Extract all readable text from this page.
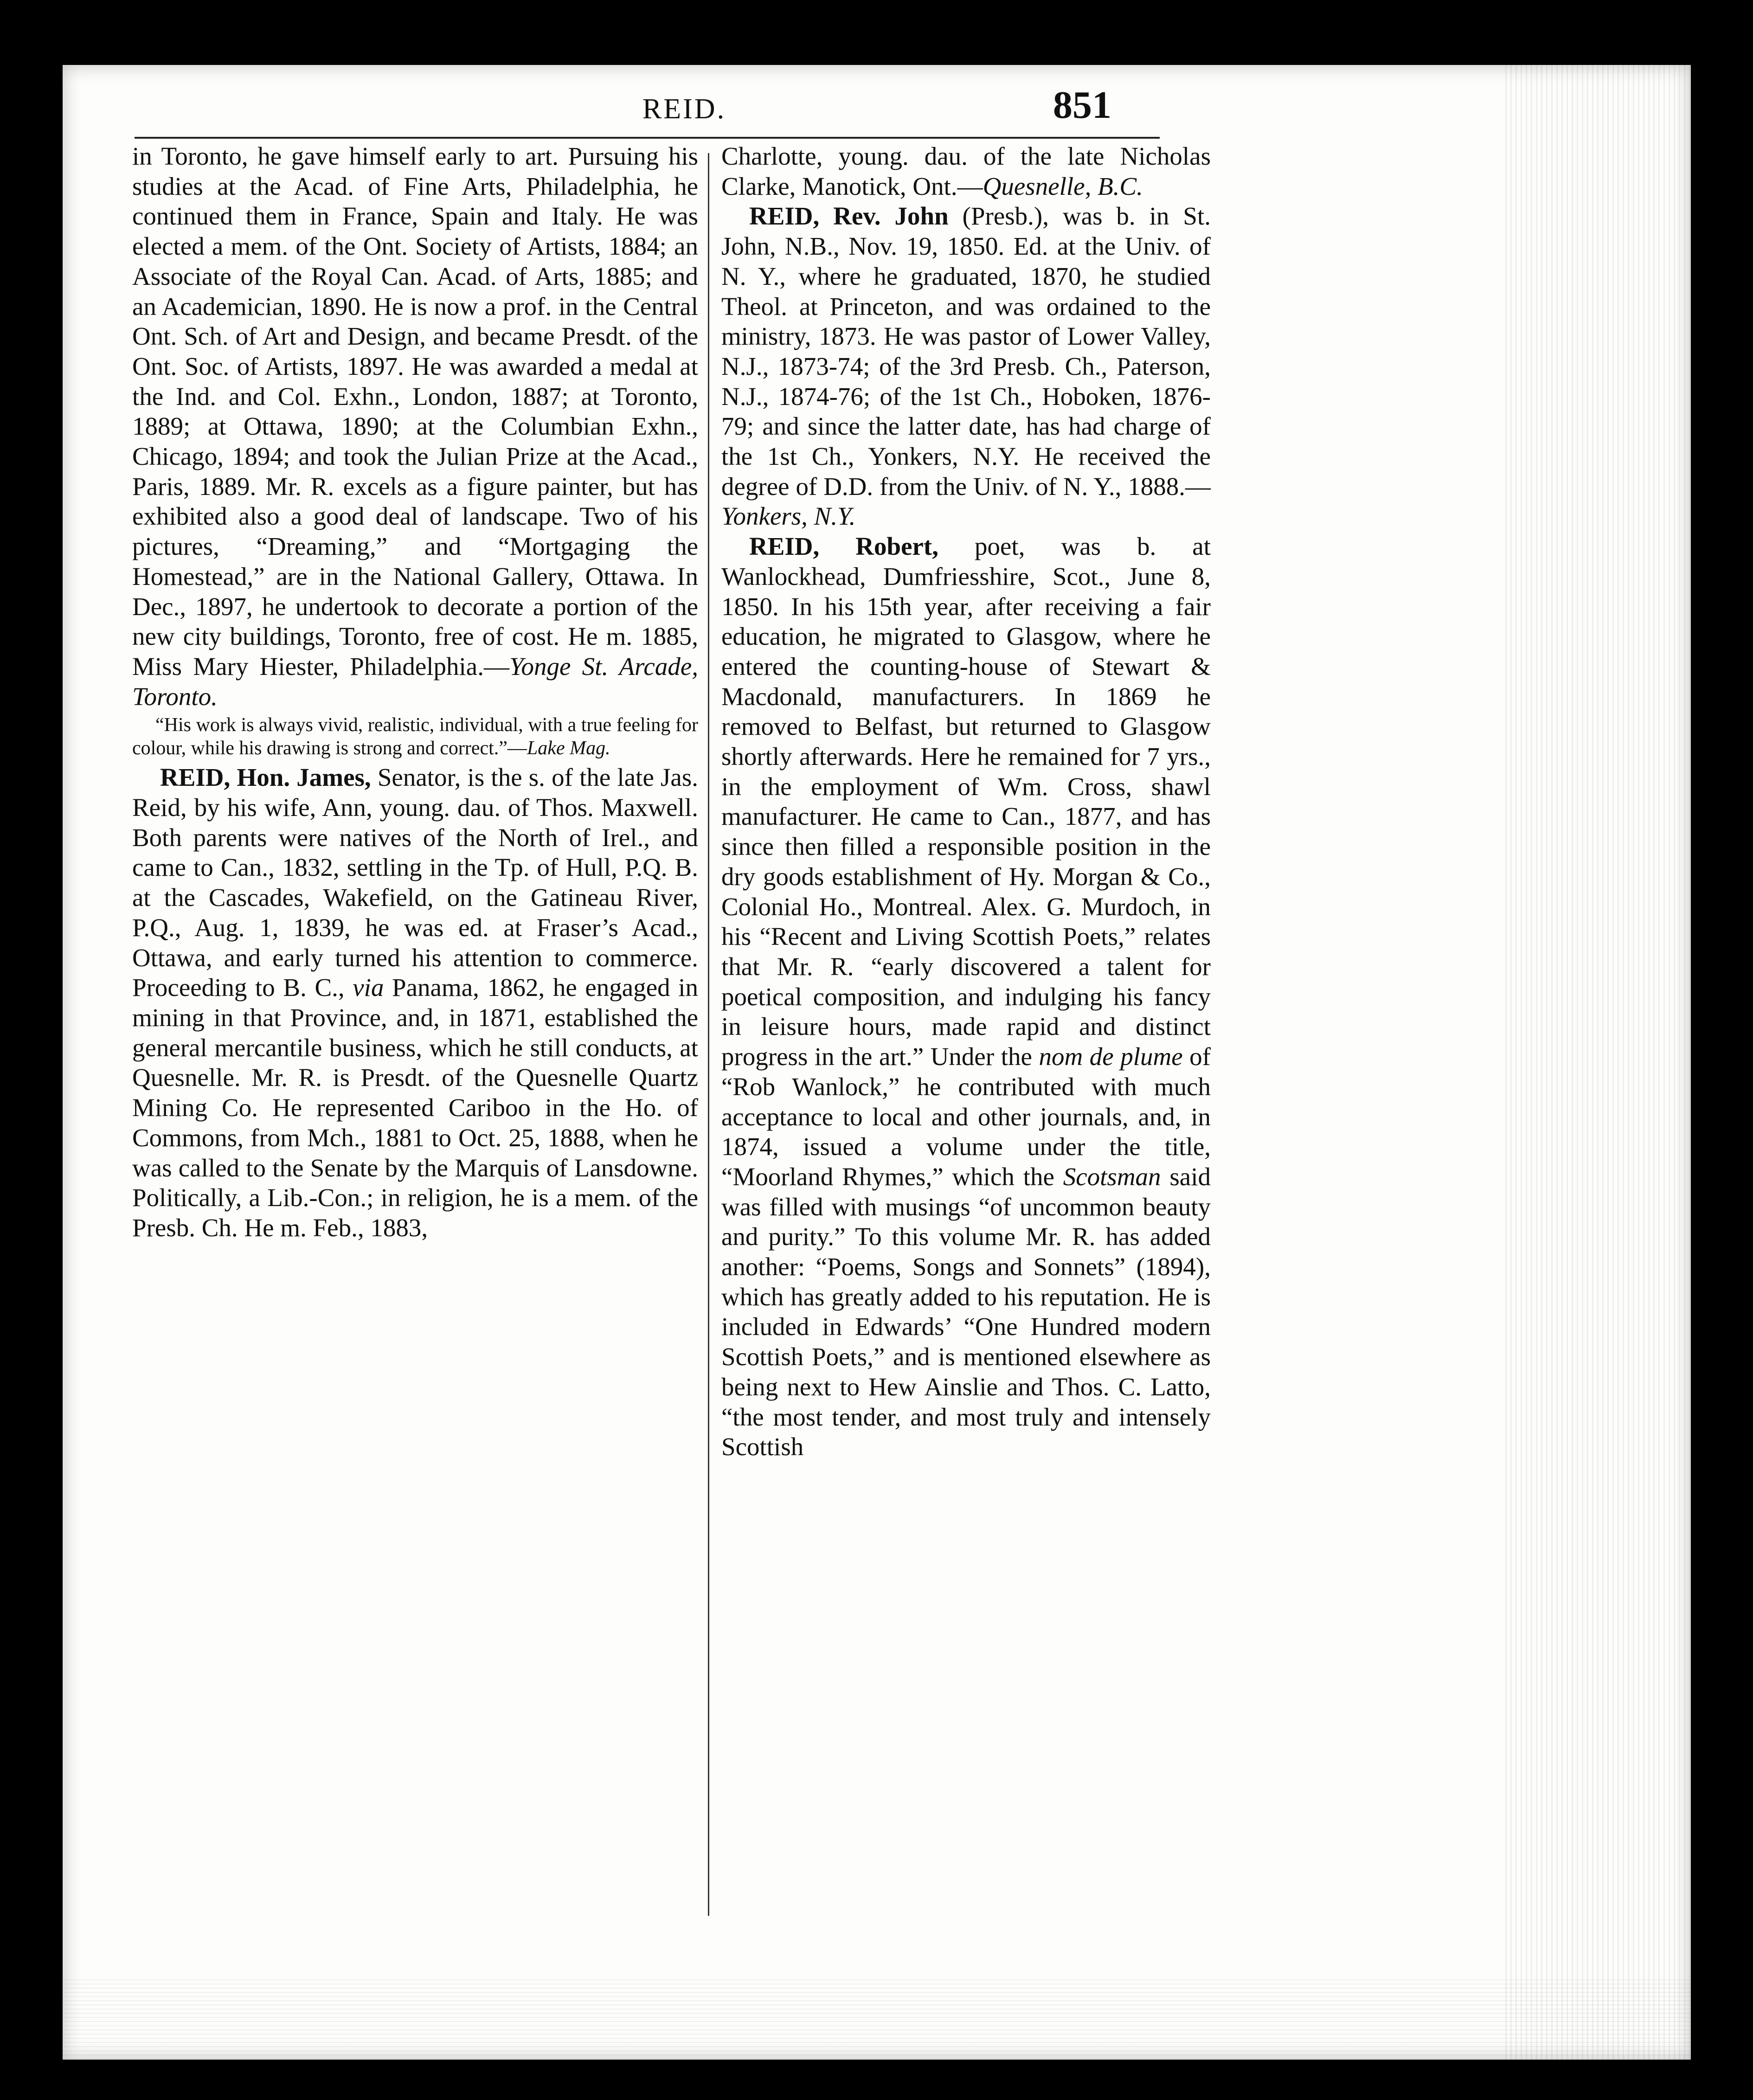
REID.	851

in Toronto, he gave himself early to art. Pursuing his studies at the Acad. of Fine Arts, Philadelphia, he continued them in France, Spain and Italy. He was elected a mem. of the Ont. Society of Artists, 1884; an Associate of the Royal Can. Acad. of Arts, 1885; and an Academician, 1890. He is now a prof. in the Central Ont. Sch. of Art and Design, and became Presdt. of the Ont. Soc. of Artists, 1897. He was awarded a medal at the Ind. and Col. Exhn., London, 1887; at Toronto, 1889; at Ottawa, 1890; at the Columbian Exhn., Chicago, 1894; and took the Julian Prize at the Acad., Paris, 1889. Mr. R. excels as a figure painter, but has exhibited also a good deal of landscape. Two of his pictures, “Dreaming,” and “Mortgaging the Homestead,” are in the National Gallery, Ottawa. In Dec., 1897, he undertook to decorate a portion of the new city buildings, Toronto, free of cost. He m. 1885, Miss Mary Hiester, Philadelphia.—Yonge St. Arcade, Toronto.

“His work is always vivid, realistic, individual, with a true feeling for colour, while his drawing is strong and correct.”—Lake Mag.

REID, Hon. James, Senator, is the s. of the late Jas. Reid, by his wife, Ann, young. dau. of Thos. Maxwell. Both parents were natives of the North of Irel., and came to Can., 1832, settling in the Tp. of Hull, P.Q. B. at the Cascades, Wakefield, on the Gatineau River, P.Q., Aug. 1, 1839, he was ed. at Fraser’s Acad., Ottawa, and early turned his attention to commerce. Proceeding to B. C., via Panama, 1862, he engaged in mining in that Province, and, in 1871, established the general mercantile business, which he still conducts, at Quesnelle. Mr. R. is Presdt. of the Quesnelle Quartz Mining Co. He represented Cariboo in the Ho. of Commons, from Mch., 1881 to Oct. 25, 1888, when he was called to the Senate by the Marquis of Lansdowne. Politically, a Lib.-Con.; in religion, he is a mem. of the Presb. Ch. He m. Feb., 1883,

Charlotte, young. dau. of the late Nicholas Clarke, Manotick, Ont.—Quesnelle, B.C.

REID, Rev. John (Presb.), was b. in St. John, N.B., Nov. 19, 1850. Ed. at the Univ. of N. Y., where he graduated, 1870, he studied Theol. at Princeton, and was ordained to the ministry, 1873. He was pastor of Lower Valley, N.J., 1873-74; of the 3rd Presb. Ch., Paterson, N.J., 1874-76; of the 1st Ch., Hoboken, 1876-79; and since the latter date, has had charge of the 1st Ch., Yonkers, N.Y. He received the degree of D.D. from the Univ. of N. Y., 1888.—Yonkers, N.Y.

REID, Robert, poet, was b. at Wanlockhead, Dumfriesshire, Scot., June 8, 1850. In his 15th year, after receiving a fair education, he migrated to Glasgow, where he entered the counting-house of Stewart & Macdonald, manufacturers. In 1869 he removed to Belfast, but returned to Glasgow shortly afterwards. Here he remained for 7 yrs., in the employment of Wm. Cross, shawl manufacturer. He came to Can., 1877, and has since then filled a responsible position in the dry goods establishment of Hy. Morgan & Co., Colonial Ho., Montreal. Alex. G. Murdoch, in his “Recent and Living Scottish Poets,” relates that Mr. R. “early discovered a talent for poetical composition, and indulging his fancy in leisure hours, made rapid and distinct progress in the art.” Under the nom de plume of “Rob Wanlock,” he contributed with much acceptance to local and other journals, and, in 1874, issued a volume under the title, “Moorland Rhymes,” which the Scotsman said was filled with musings “of uncommon beauty and purity.” To this volume Mr. R. has added another: “Poems, Songs and Sonnets” (1894), which has greatly added to his reputation. He is included in Edwards’ “One Hundred modern Scottish Poets,” and is mentioned elsewhere as being next to Hew Ainslie and Thos. C. Latto, “the most tender, and most truly and intensely Scottish
